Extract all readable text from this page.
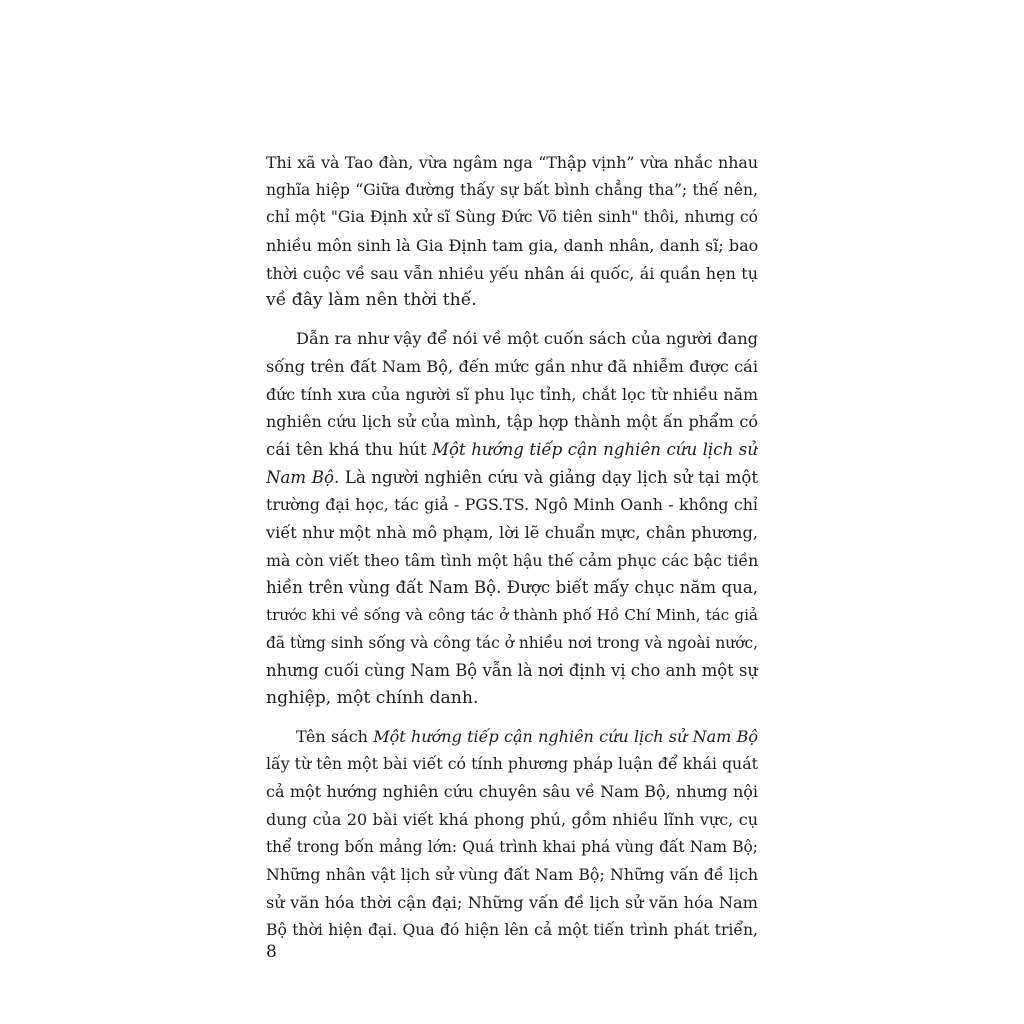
Thi xã và Tao đàn, vừa ngâm nga “Thập vịnh” vừa nhắc nhau
nghĩa hiệp “Giữa đường thấy sự bất bình chẳng tha”; thế nên,
chỉ một "Gia Định xử sĩ Sùng Đức Võ tiên sinh" thôi, nhưng có
nhiều môn sinh là Gia Định tam gia, danh nhân, danh sĩ; bao
thời cuộc về sau vẫn nhiều yếu nhân ái quốc, ái quần hẹn tụ
về đây làm nên thời thế.
Dẫn ra như vậy để nói về một cuốn sách của người đang
sống trên đất Nam Bộ, đến mức gần như đã nhiễm được cái
đức tính xưa của người sĩ phu lục tỉnh, chắt lọc từ nhiều năm
nghiên cứu lịch sử của mình, tập hợp thành một ấn phẩm có
cái tên khá thu hút Một hướng tiếp cận nghiên cứu lịch sử
Nam Bộ. Là người nghiên cứu và giảng dạy lịch sử tại một
trường đại học, tác giả - PGS.TS. Ngô Minh Oanh - không chỉ
viết như một nhà mô phạm, lời lẽ chuẩn mực, chân phương,
mà còn viết theo tâm tình một hậu thế cảm phục các bậc tiền
hiền trên vùng đất Nam Bộ. Được biết mấy chục năm qua,
trước khi về sống và công tác ở thành phố Hồ Chí Minh, tác giả
đã từng sinh sống và công tác ở nhiều nơi trong và ngoài nước,
nhưng cuối cùng Nam Bộ vẫn là nơi định vị cho anh một sự
nghiệp, một chính danh.
Tên sách Một hướng tiếp cận nghiên cứu lịch sử Nam Bộ
lấy từ tên một bài viết có tính phương pháp luận để khái quát
cả một hướng nghiên cứu chuyên sâu về Nam Bộ, nhưng nội
dung của 20 bài viết khá phong phú, gồm nhiều lĩnh vực, cụ
thể trong bốn mảng lớn: Quá trình khai phá vùng đất Nam Bộ;
Những nhân vật lịch sử vùng đất Nam Bộ; Những vấn đề lịch
sử văn hóa thời cận đại; Những vấn đề lịch sử văn hóa Nam
Bộ thời hiện đại. Qua đó hiện lên cả một tiến trình phát triển,
8
